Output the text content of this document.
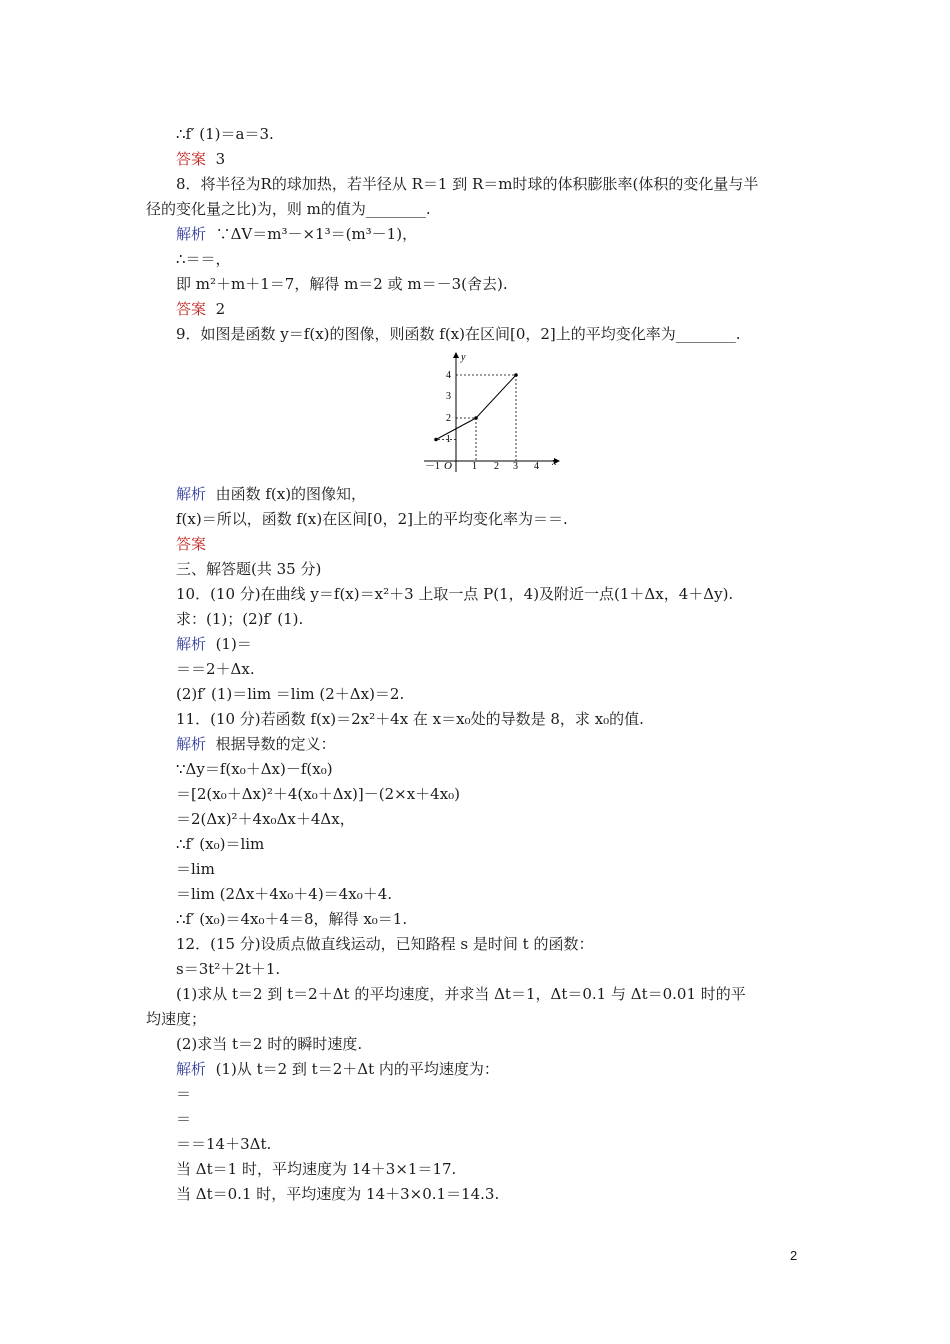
∴f′ (1)＝a＝3.
答案 3
8．将半径为R的球加热，若半径从 R＝1 到 R＝m时球的体积膨胀率(体积的变化量与半
径的变化量之比)为，则 m的值为________.
解析 ∵ΔV＝m³－×1³＝(m³－1)，
∴＝＝，
即 m²＋m＋1＝7，解得 m＝2 或 m＝－3(舍去).
答案 2
9．如图是函数 y＝f(x)的图像，则函数 f(x)在区间[0，2]上的平均变化率为________.
x
y
O
－1	1 2 3 4
1
2
3
4
解析 由函数 f(x)的图像知，
f(x)＝所以，函数 f(x)在区间[0，2]上的平均变化率为＝＝.
答案
三、解答题(共 35 分)
10．(10 分)在曲线 y＝f(x)＝x²＋3 上取一点 P(1，4)及附近一点(1＋Δx，4＋Δy).
求：(1)；(2)f′ (1).
解析 (1)＝
＝＝2＋Δx.
(2)f′ (1)＝lim ＝lim (2＋Δx)＝2.
11．(10 分)若函数 f(x)＝2x²＋4x 在 x＝x₀处的导数是 8，求 x₀的值.
解析 根据导数的定义：
∵Δy＝f(x₀＋Δx)－f(x₀)
＝[2(x₀＋Δx)²＋4(x₀＋Δx)]－(2×x＋4x₀)
＝2(Δx)²＋4x₀Δx＋4Δx，
∴f′ (x₀)＝lim
＝lim
＝lim (2Δx＋4x₀＋4)＝4x₀＋4.
∴f′ (x₀)＝4x₀＋4＝8，解得 x₀＝1.
12．(15 分)设质点做直线运动，已知路程 s 是时间 t 的函数：
s＝3t²＋2t＋1.
(1)求从 t＝2 到 t＝2＋Δt 的平均速度，并求当 Δt＝1，Δt＝0.1 与 Δt＝0.01 时的平
均速度；
(2)求当 t＝2 时的瞬时速度.
解析 (1)从 t＝2 到 t＝2＋Δt 内的平均速度为：
＝
＝
＝＝14＋3Δt.
当 Δt＝1 时，平均速度为 14＋3×1＝17.
当 Δt＝0.1 时，平均速度为 14＋3×0.1＝14.3.
2
